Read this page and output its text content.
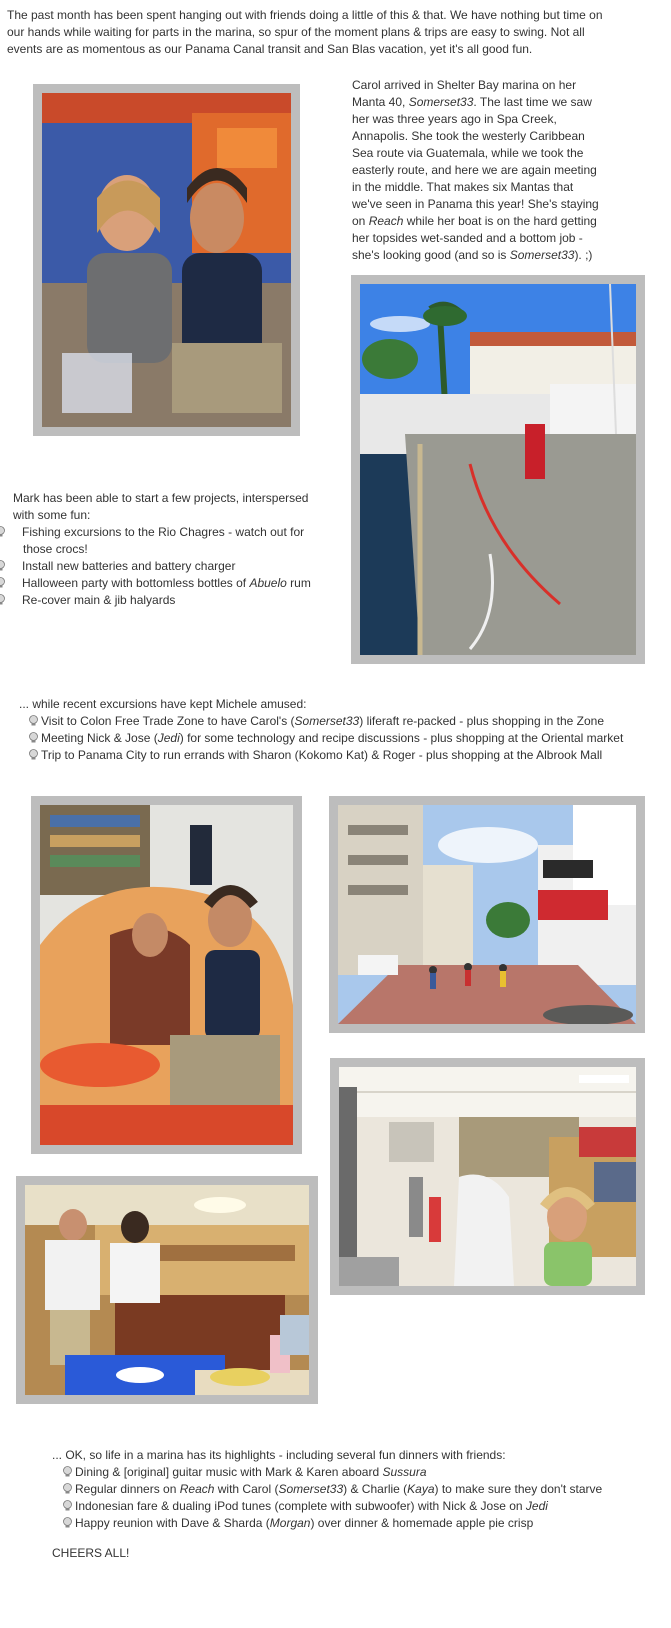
The past month has been spent hanging out with friends doing a little of this & that. We have nothing but time on our hands while waiting for parts in the marina, so spur of the moment plans & trips are easy to swing. Not all events are as momentous as our Panama Canal transit and San Blas vacation, yet it's all good fun.
Carol arrived in Shelter Bay marina on her Manta 40, Somerset33. The last time we saw her was three years ago in Spa Creek, Annapolis. She took the westerly Caribbean Sea route via Guatemala, while we took the easterly route, and here we are again meeting in the middle. That makes six Mantas that we've seen in Panama this year! She's staying on Reach while her boat is on the hard getting her topsides wet-sanded and a bottom job - she's looking good (and so is Somerset33). ;)
Mark has been able to start a few projects, interspersed with some fun:
Fishing excursions to the Rio Chagres - watch out for those crocs!
Install new batteries and battery charger
Halloween party with bottomless bottles of Abuelo rum
Re-cover main & jib halyards
... while recent excursions have kept Michele amused:
Visit to Colon Free Trade Zone to have Carol's (Somerset33) liferaft re-packed - plus shopping in the Zone
Meeting Nick & Jose (Jedi) for some technology and recipe discussions - plus shopping at the Oriental market
Trip to Panama City to run errands with Sharon (Kokomo Kat) & Roger - plus shopping at the Albrook Mall
... OK, so life in a marina has its highlights - including several fun dinners with friends:
Dining & [original] guitar music with Mark & Karen aboard Sussura
Regular dinners on Reach with Carol (Somerset33) & Charlie (Kaya) to make sure they don't starve
Indonesian fare & dualing iPod tunes (complete with subwoofer) with Nick & Jose on Jedi
Happy reunion with Dave & Sharda (Morgan) over dinner & homemade apple pie crisp
CHEERS ALL!
